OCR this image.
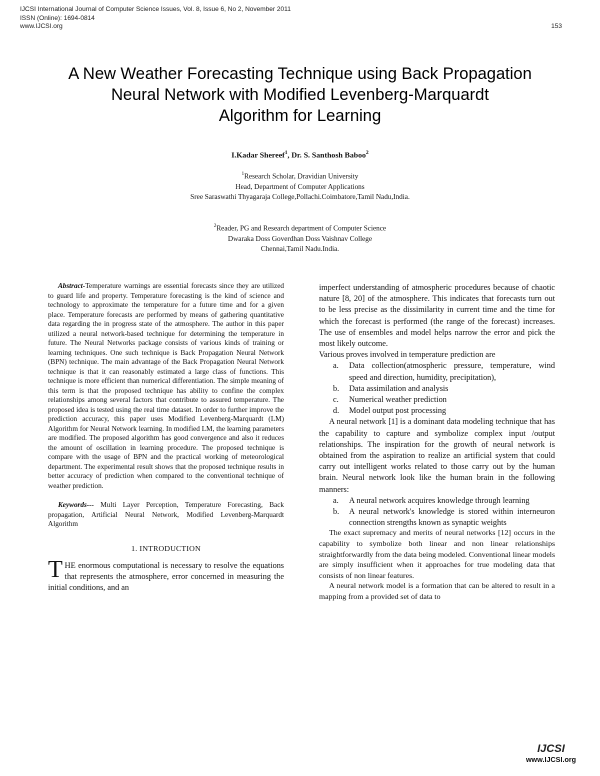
IJCSI International Journal of Computer Science Issues, Vol. 8, Issue 6, No 2, November 2011
ISSN (Online): 1694-0814
www.IJCSI.org	153
A New Weather Forecasting Technique using Back Propagation
Neural Network with Modified Levenberg-Marquardt
Algorithm for Learning
I.Kadar Shereef$^1$, Dr. S. Santhosh Baboo$^2$
$^1$Research Scholar, Dravidian University
Head, Department of Computer Applications
Sree Saraswathi Thyagaraja College,Pollachi.Coimbatore,Tamil Nadu,India.
$^2$Reader, PG and Research department of Computer Science
Dwaraka Doss Goverdhan Doss Vaishnav College
Chennai,Tamil Nadu.India.

Abstract-Temperature warnings are essential forecasts since they are utilized to guard life and property. Temperature forecasting is the kind of science and technology to approximate the temperature for a future time and for a given place. Temperature forecasts are performed by means of gathering quantitative data regarding the in progress state of the atmosphere. The author in this paper utilized a neural network-based technique for determining the temperature in future. The Neural Networks package consists of various kinds of training or learning techniques. One such technique is Back Propagation Neural Network (BPN) technique. The main advantage of the Back Propagation Neural Network technique is that it can reasonably estimated a large class of functions. This technique is more efficient than numerical differentiation. The simple meaning of this term is that the proposed technique has ability to confine the complex relationships among several factors that contribute to assured temperature. The proposed idea is tested using the real time dataset. In order to further improve the prediction accuracy, this paper uses Modified Levenberg-Marquardt (LM) Algorithm for Neural Network learning. In modified LM, the learning parameters are modified. The proposed algorithm has good convergence and also it reduces the amount of oscillation in learning procedure. The proposed technique is compare with the usage of BPN and the practical working of meteorological department. The experimental result shows that the proposed technique results in better accuracy of prediction when compared to the conventional technique of weather prediction.

Keywords--- Multi Layer Perception, Temperature Forecasting, Back propagation, Artificial Neural Network, Modified Levenberg-Marquardt Algorithm

1. INTRODUCTION
T HE enormous computational is necessary to resolve the equations that represents the atmosphere, error concerned in measuring the initial conditions, and an

imperfect understanding of atmospheric procedures because of chaotic nature [8, 20] of the atmosphere. This indicates that forecasts turn out to be less precise as the dissimilarity in current time and the time for which the forecast is performed (the range of the forecast) increases. The use of ensembles and model helps narrow the error and pick the most likely outcome.

Various proves involved in temperature prediction are

a. Data collection(atmospheric pressure, temperature, wind speed and direction, humidity, precipitation),
b. Data assimilation and analysis
c. Numerical weather prediction
d. Model output post processing

A neural network [1] is a dominant data modeling technique that has the capability to capture and symbolize complex input /output relationships. The inspiration for the growth of neural network is obtained from the aspiration to realize an artificial system that could carry out intelligent works related to those carry out by the human brain. Neural network look like the human brain in the following manners:

a. A neural network acquires knowledge through learning
b. A neural network's knowledge is stored within interneuron connection strengths known as synaptic weights

The exact supremacy and merits of neural networks [12] occurs in the capability to symbolize both linear and non linear relationships straightforwardly from the data being modeled. Conventional linear models are simply insufficient when it approaches for true modeling data that consists of non linear features.

A neural network model is a formation that can be altered to result in a mapping from a provided set of data to

IJCSI
www.IJCSI.org
